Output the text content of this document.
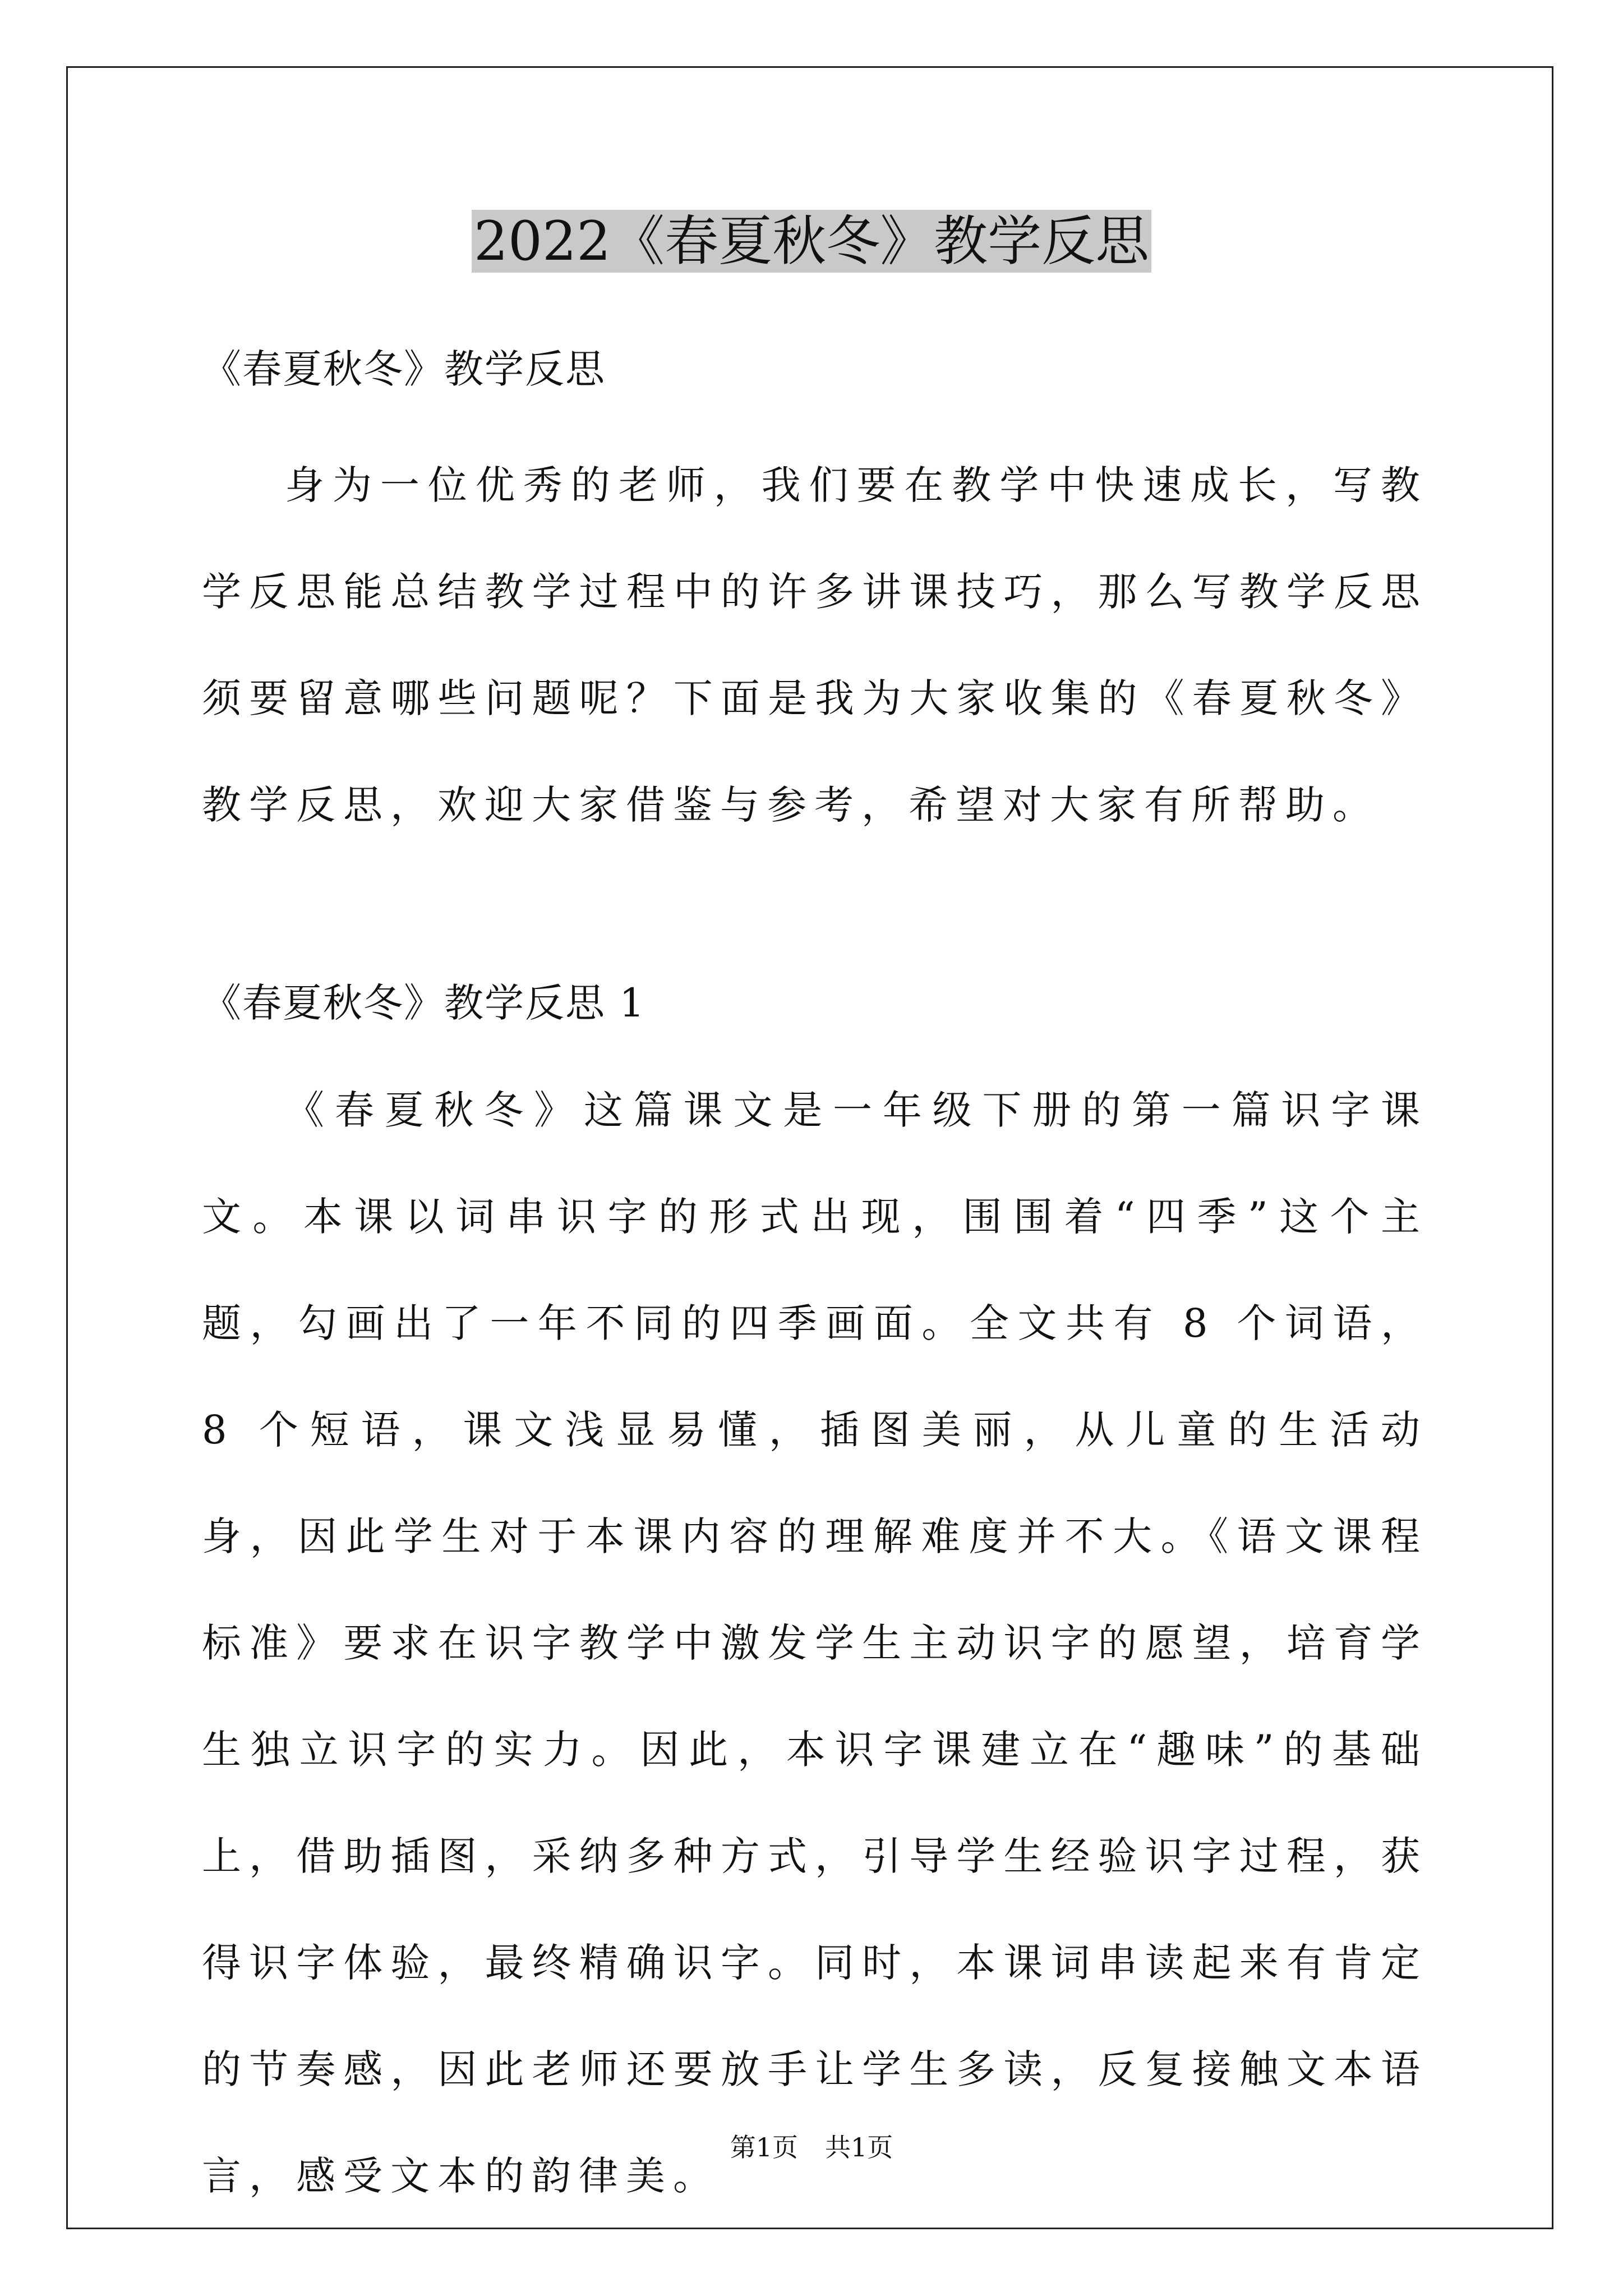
2022《春夏秋冬》教学反思

《春夏秋冬》教学反思

身为一位优秀的老师，我们要在教学中快速成长，写教学反思能总结教学过程中的许多讲课技巧，那么写教学反思须要留意哪些问题呢？下面是我为大家收集的《春夏秋冬》教学反思，欢迎大家借鉴与参考，希望对大家有所帮助。

《春夏秋冬》教学反思 1

《春夏秋冬》这篇课文是一年级下册的第一篇识字课文。本课以词串识字的形式出现，围围着“四季”这个主题，勾画出了一年不同的四季画面。全文共有 8 个词语，8 个短语，课文浅显易懂，插图美丽，从儿童的生活动身，因此学生对于本课内容的理解难度并不大。《语文课程标准》要求在识字教学中激发学生主动识字的愿望，培育学生独立识字的实力。因此，本识字课建立在“趣味”的基础上，借助插图，采纳多种方式，引导学生经验识字过程，获得识字体验，最终精确识字。同时，本课词串读起来有肯定的节奏感，因此老师还要放手让学生多读，反复接触文本语言，感受文本的韵律美。

第1页 共1页
